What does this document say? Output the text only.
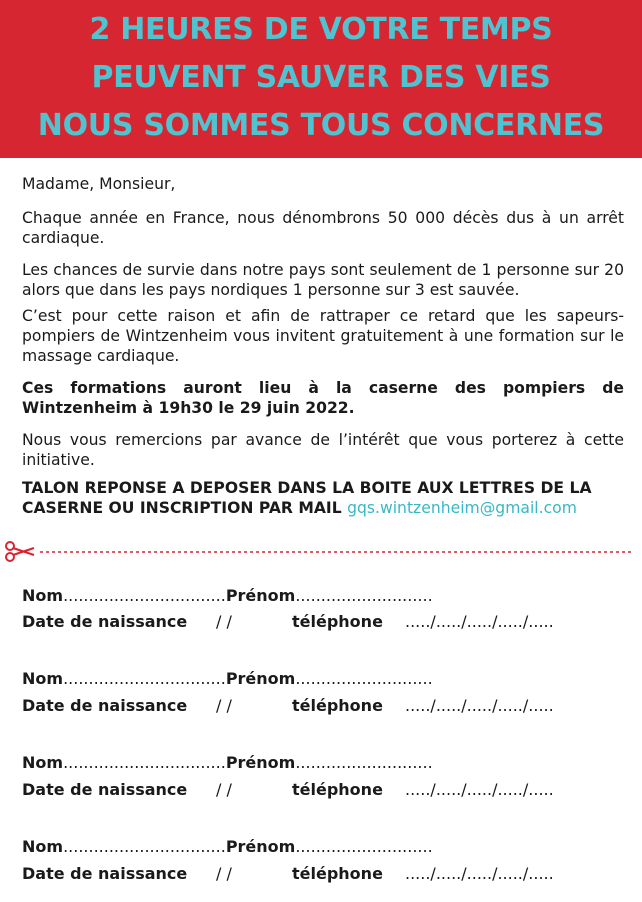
2 HEURES DE VOTRE TEMPS
PEUVENT SAUVER DES VIES
NOUS SOMMES TOUS CONCERNES

Madame, Monsieur,

Chaque année en France, nous dénombrons 50 000 décès dus à un arrêt cardiaque.

Les chances de survie dans notre pays sont seulement de 1 personne sur 20 alors que dans les pays nordiques 1 personne sur 3 est sauvée.

C’est pour cette raison et afin de rattraper ce retard que les sapeurs-pompiers de Wintzenheim vous invitent gratuitement à une formation sur le massage cardiaque.

Ces formations auront lieu à la caserne des pompiers de Wintzenheim à 19h30 le 29 juin 2022.

Nous vous remercions par avance de l’intérêt que vous porterez à cette initiative.

TALON REPONSE A DEPOSER DANS LA BOITE AUX LETTRES DE LA CASERNE OU INSCRIPTION PAR MAIL gqs.wintzenheim@gmail.com

Nom................................Prénom...........................
Date de naissance / /	téléphone ...../...../...../...../.....
Nom................................Prénom...........................
Date de naissance / /	téléphone ...../...../...../...../.....
Nom................................Prénom...........................
Date de naissance / /	téléphone ...../...../...../...../.....
Nom................................Prénom...........................
Date de naissance / /	téléphone ...../...../...../...../.....
